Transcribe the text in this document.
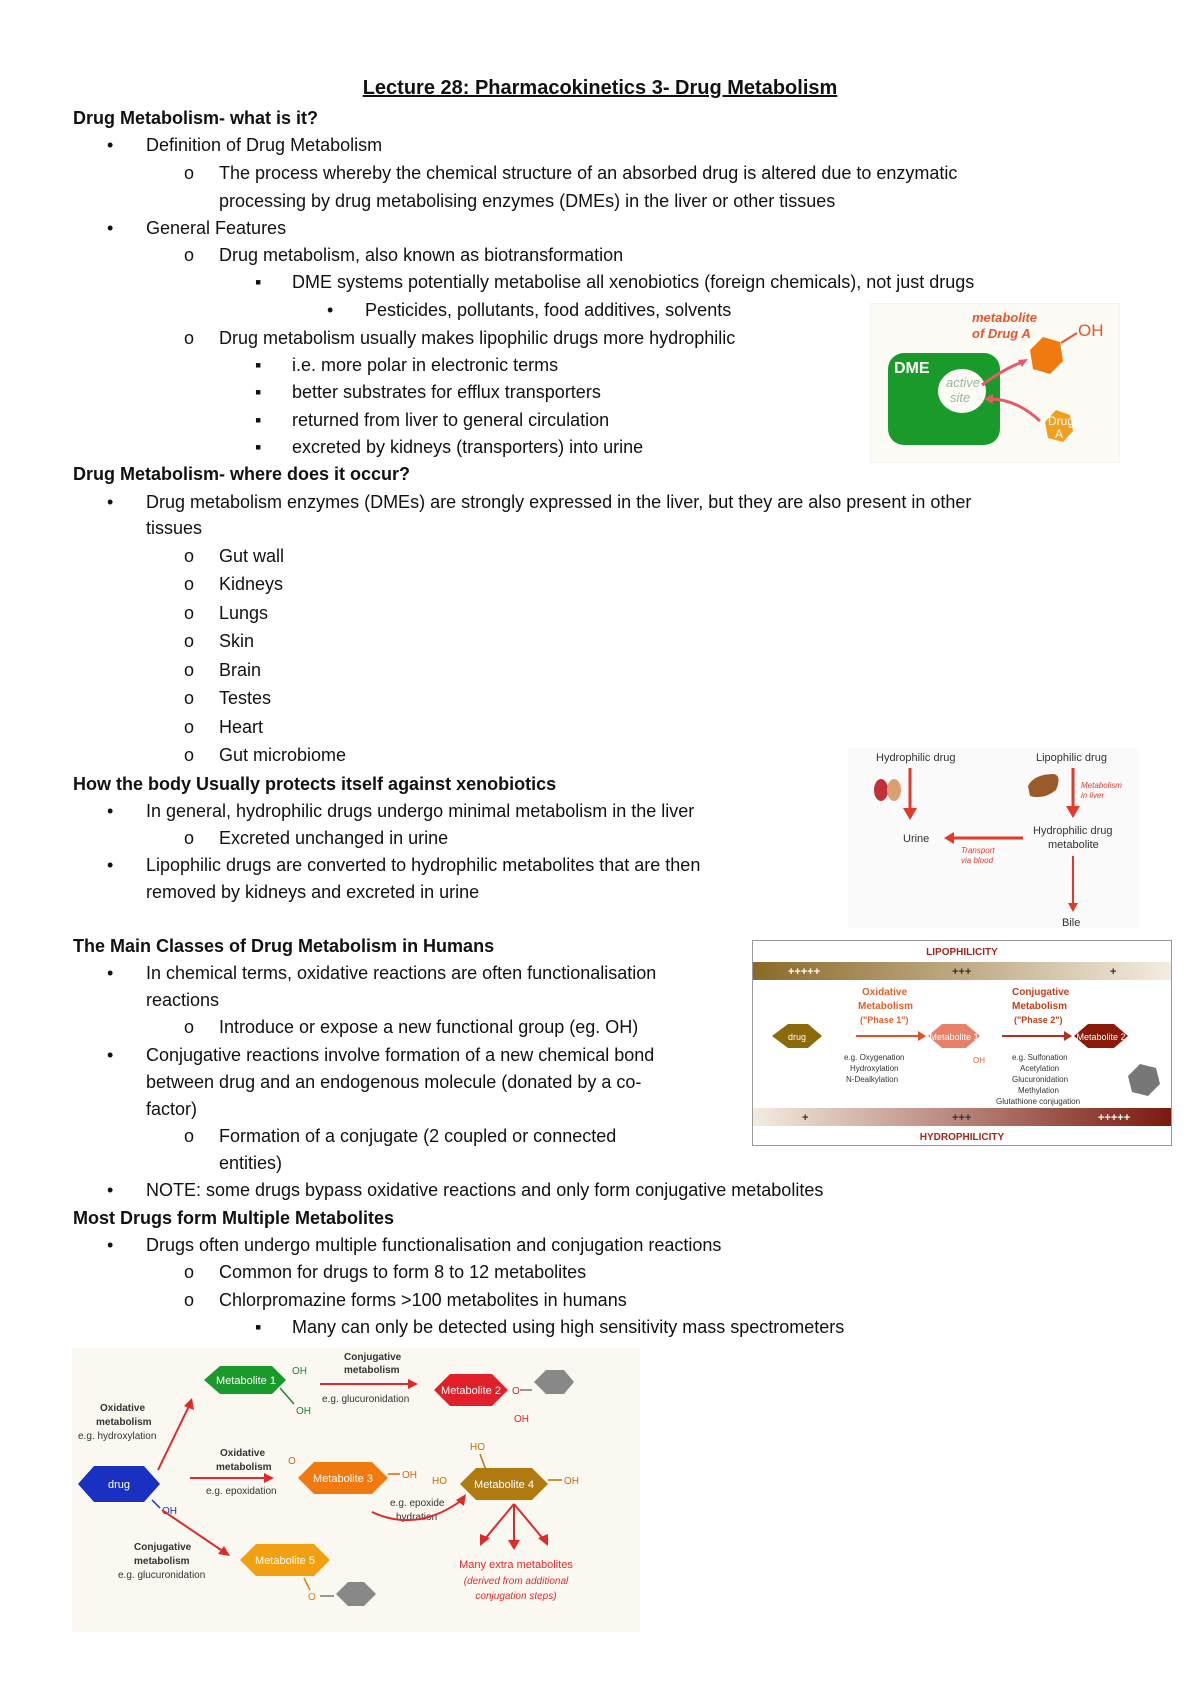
Lecture 28: Pharmacokinetics 3- Drug Metabolism
Drug Metabolism- what is it?
• Definition of Drug Metabolism
o The process whereby the chemical structure of an absorbed drug is altered due to enzymatic
processing by drug metabolising enzymes (DMEs) in the liver or other tissues
• General Features
o Drug metabolism, also known as biotransformation
▪ DME systems potentially metabolise all xenobiotics (foreign chemicals), not just drugs
• Pesticides, pollutants, food additives, solvents
o Drug metabolism usually makes lipophilic drugs more hydrophilic
▪ i.e. more polar in electronic terms
▪ better substrates for efflux transporters
▪ returned from liver to general circulation
▪ excreted by kidneys (transporters) into urine
Drug Metabolism- where does it occur?
• Drug metabolism enzymes (DMEs) are strongly expressed in the liver, but they are also present in other
tissues
o Gut wall
o Kidneys
o Lungs
o Skin
o Brain
o Testes
o Heart
o Gut microbiome
How the body Usually protects itself against xenobiotics
• In general, hydrophilic drugs undergo minimal metabolism in the liver
o Excreted unchanged in urine
• Lipophilic drugs are converted to hydrophilic metabolites that are then
removed by kidneys and excreted in urine
The Main Classes of Drug Metabolism in Humans
• In chemical terms, oxidative reactions are often functionalisation
reactions
o Introduce or expose a new functional group (eg. OH)
• Conjugative reactions involve formation of a new chemical bond
between drug and an endogenous molecule (donated by a co-
factor)
o Formation of a conjugate (2 coupled or connected
entities)
• NOTE: some drugs bypass oxidative reactions and only form conjugative metabolites
Most Drugs form Multiple Metabolites
• Drugs often undergo multiple functionalisation and conjugation reactions
o Common for drugs to form 8 to 12 metabolites
o Chlorpromazine forms >100 metabolites in humans
▪ Many can only be detected using high sensitivity mass spectrometers
metabolite
of Drug A	OH
DME
active
site
Drug
A
Hydrophilic drug	Lipophilic drug
Metabolism
in liver
Urine
Transport
via blood
Hydrophilic drug
metabolite
Bile
LIPOPHILICITY
+++++	+++	+
Oxidative
Metabolism
("Phase 1")
Conjugative
Metabolism
("Phase 2")
drug	Metabolite 1
OH
Metabolite 2
e.g. Oxygenation
Hydroxylation
N-Dealkylation
e.g. Sulfonation
Acetylation
Glucuronidation
Methylation
Glutathione conjugation
+	+++	+++++
HYDROPHILICITY
Metabolite 1
OH
OH
Conjugative
metabolism
e.g. glucuronidation
Metabolite 2 O
OH
Oxidative
metabolism
e.g. hydroxylation
drug
OH
Oxidative
metabolism
e.g. epoxidation
O
Metabolite 3	OH
e.g. epoxide
hydration
HO
HO Metabolite 4	OH
Many extra metabolites
(derived from additional
conjugation steps)
Conjugative
metabolism
e.g. glucuronidation
Metabolite 5
O
